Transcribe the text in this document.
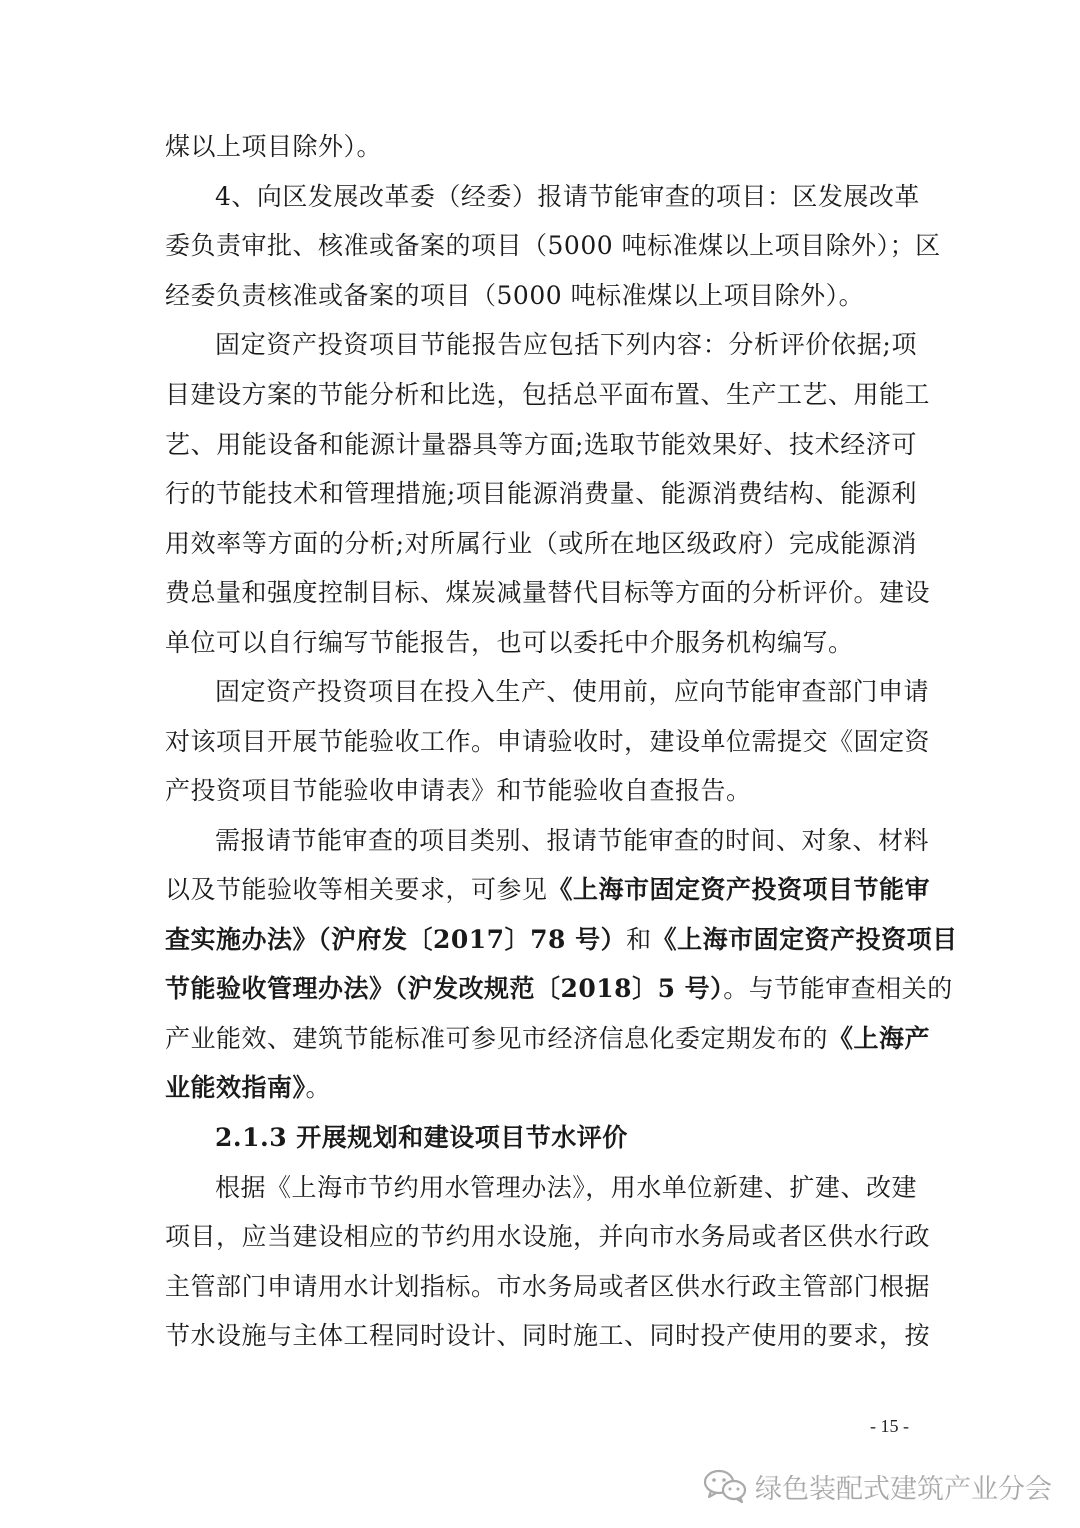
煤以上项目除外）。
4、向区发展改革委（经委）报请节能审查的项目：区发展改革
委负责审批、核准或备案的项目（5000 吨标准煤以上项目除外）；区
经委负责核准或备案的项目（5000 吨标准煤以上项目除外）。
固定资产投资项目节能报告应包括下列内容：分析评价依据;项
目建设方案的节能分析和比选，包括总平面布置、生产工艺、用能工
艺、用能设备和能源计量器具等方面;选取节能效果好、技术经济可
行的节能技术和管理措施;项目能源消费量、能源消费结构、能源利
用效率等方面的分析;对所属行业（或所在地区级政府）完成能源消
费总量和强度控制目标、煤炭减量替代目标等方面的分析评价。建设
单位可以自行编写节能报告，也可以委托中介服务机构编写。
固定资产投资项目在投入生产、使用前，应向节能审查部门申请
对该项目开展节能验收工作。申请验收时，建设单位需提交《固定资
产投资项目节能验收申请表》和节能验收自查报告。
需报请节能审查的项目类别、报请节能审查的时间、对象、材料
以及节能验收等相关要求，可参见《上海市固定资产投资项目节能审
查实施办法》（沪府发〔2017〕78 号）和《上海市固定资产投资项目
节能验收管理办法》（沪发改规范〔2018〕5 号）。与节能审查相关的
产业能效、建筑节能标准可参见市经济信息化委定期发布的《上海产
业能效指南》。
2.1.3 开展规划和建设项目节水评价
根据《上海市节约用水管理办法》，用水单位新建、扩建、改建
项目，应当建设相应的节约用水设施，并向市水务局或者区供水行政
主管部门申请用水计划指标。市水务局或者区供水行政主管部门根据
节水设施与主体工程同时设计、同时施工、同时投产使用的要求，按
- 15 -
绿色装配式建筑产业分会
